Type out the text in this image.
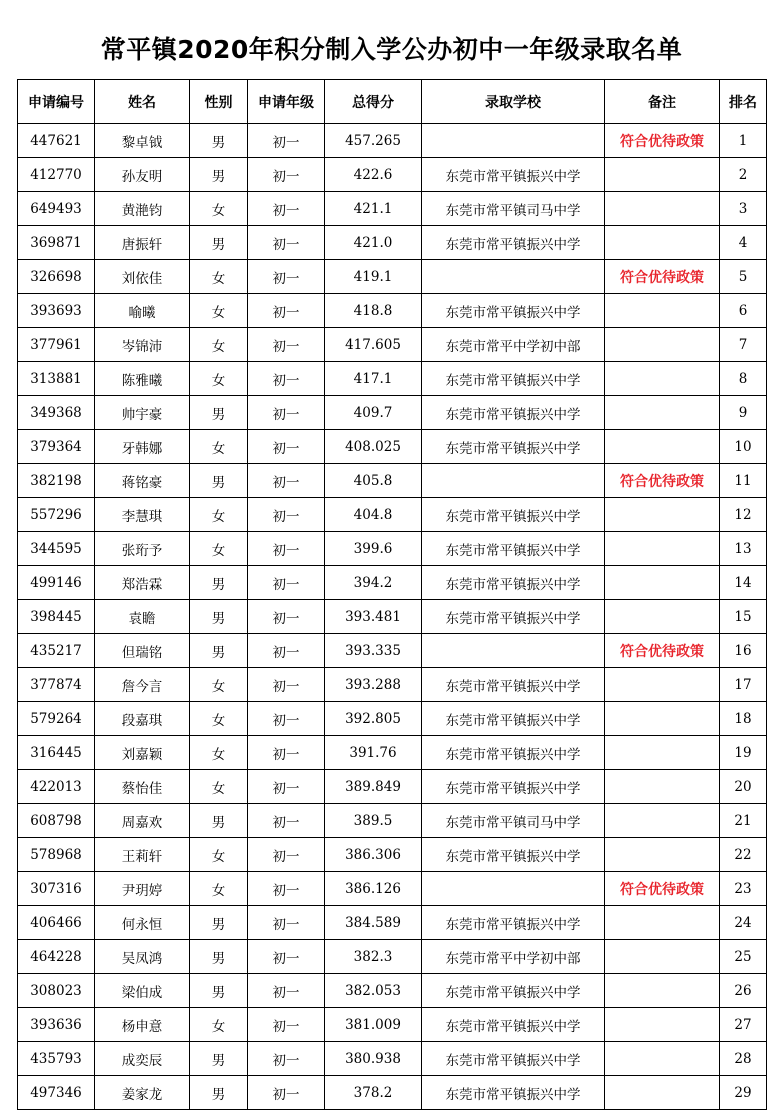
常平镇2020年积分制入学公办初中一年级录取名单
申请编号	姓名	性别	申请年级	总得分	录取学校	备注	排名
447621	黎卓钺	男	初一	457.265		符合优待政策	1
412770	孙友明	男	初一	422.6	东莞市常平镇振兴中学		2
649493	黄滟钧	女	初一	421.1	东莞市常平镇司马中学		3
369871	唐振轩	男	初一	421.0	东莞市常平镇振兴中学		4
326698	刘依佳	女	初一	419.1		符合优待政策	5
393693	喻曦	女	初一	418.8	东莞市常平镇振兴中学		6
377961	岑锦沛	女	初一	417.605	东莞市常平中学初中部		7
313881	陈雅曦	女	初一	417.1	东莞市常平镇振兴中学		8
349368	帅宇豪	男	初一	409.7	东莞市常平镇振兴中学		9
379364	牙韩娜	女	初一	408.025	东莞市常平镇振兴中学		10
382198	蒋铭豪	男	初一	405.8		符合优待政策	11
557296	李慧琪	女	初一	404.8	东莞市常平镇振兴中学		12
344595	张珩予	女	初一	399.6	东莞市常平镇振兴中学		13
499146	郑浩霖	男	初一	394.2	东莞市常平镇振兴中学		14
398445	袁瞻	男	初一	393.481	东莞市常平镇振兴中学		15
435217	但瑞铭	男	初一	393.335		符合优待政策	16
377874	詹今言	女	初一	393.288	东莞市常平镇振兴中学		17
579264	段嘉琪	女	初一	392.805	东莞市常平镇振兴中学		18
316445	刘嘉颖	女	初一	391.76	东莞市常平镇振兴中学		19
422013	蔡怡佳	女	初一	389.849	东莞市常平镇振兴中学		20
608798	周嘉欢	男	初一	389.5	东莞市常平镇司马中学		21
578968	王莉轩	女	初一	386.306	东莞市常平镇振兴中学		22
307316	尹玥婷	女	初一	386.126		符合优待政策	23
406466	何永恒	男	初一	384.589	东莞市常平镇振兴中学		24
464228	吴凤鸿	男	初一	382.3	东莞市常平中学初中部		25
308023	梁伯成	男	初一	382.053	东莞市常平镇振兴中学		26
393636	杨申意	女	初一	381.009	东莞市常平镇振兴中学		27
435793	成奕辰	男	初一	380.938	东莞市常平镇振兴中学		28
497346	姜家龙	男	初一	378.2	东莞市常平镇振兴中学		29
